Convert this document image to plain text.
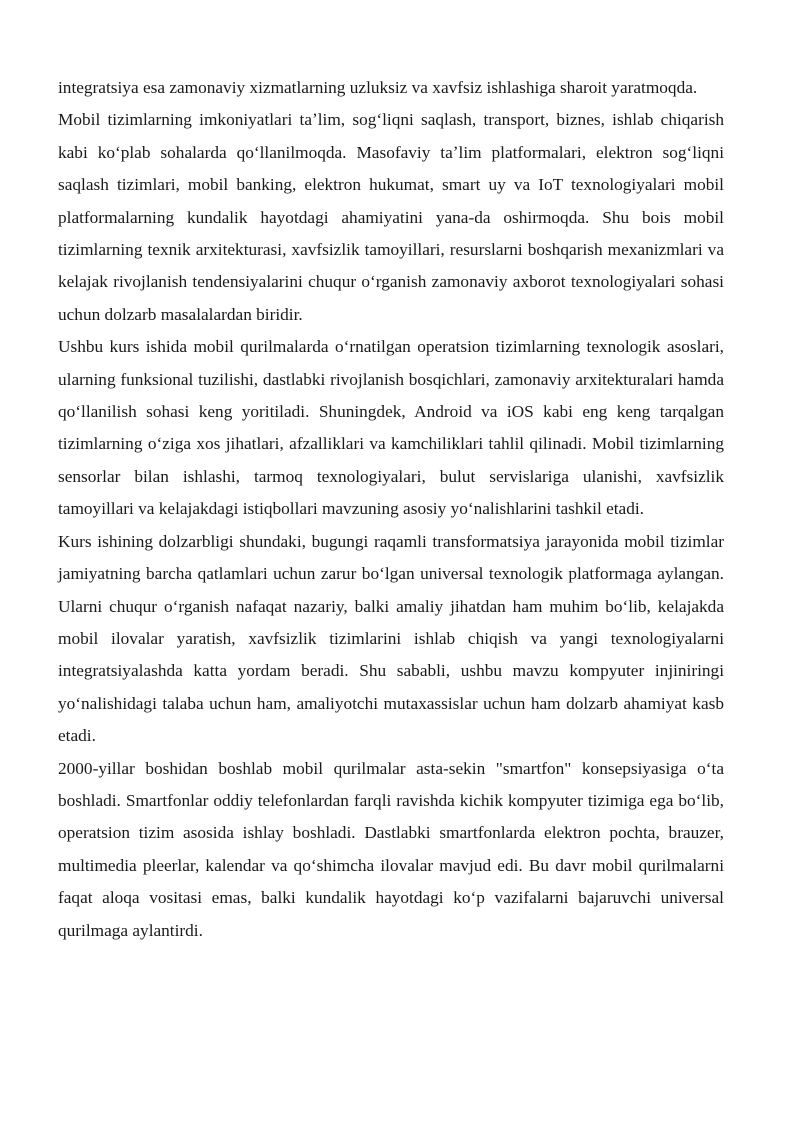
integratsiya esa zamonaviy xizmatlarning uzluksiz va xavfsiz ishlashiga sharoit yaratmoqda.

Mobil tizimlarning imkoniyatlari taʼlim, sogʻliqni saqlash, transport, biznes, ishlab chiqarish kabi koʻplab sohalarda qoʻllanilmoqda. Masofaviy taʼlim platformalari, elektron sogʻliqni saqlash tizimlari, mobil banking, elektron hukumat, smart uy va IoT texnologiyalari mobil platformalarning kundalik hayotdagi ahamiyatini yana-da oshirmoqda. Shu bois mobil tizimlarning texnik arxitekturasi, xavfsizlik tamoyillari, resurslarni boshqarish mexanizmlari va kelajak rivojlanish tendensiyalarini chuqur oʻrganish zamonaviy axborot texnologiyalari sohasi uchun dolzarb masalalardan biridir.

Ushbu kurs ishida mobil qurilmalarda oʻrnatilgan operatsion tizimlarning texnologik asoslari, ularning funksional tuzilishi, dastlabki rivojlanish bosqichlari, zamonaviy arxitekturalari hamda qoʻllanilish sohasi keng yoritiladi. Shuningdek, Android va iOS kabi eng keng tarqalgan tizimlarning oʻziga xos jihatlari, afzalliklari va kamchiliklari tahlil qilinadi. Mobil tizimlarning sensorlar bilan ishlashi, tarmoq texnologiyalari, bulut servislariga ulanishi, xavfsizlik tamoyillari va kelajakdagi istiqbollari mavzuning asosiy yoʻnalishlarini tashkil etadi.

Kurs ishining dolzarbligi shundaki, bugungi raqamli transformatsiya jarayonida mobil tizimlar jamiyatning barcha qatlamlari uchun zarur boʻlgan universal texnologik platformaga aylangan. Ularni chuqur oʻrganish nafaqat nazariy, balki amaliy jihatdan ham muhim boʻlib, kelajakda mobil ilovalar yaratish, xavfsizlik tizimlarini ishlab chiqish va yangi texnologiyalarni integratsiyalashda katta yordam beradi. Shu sababli, ushbu mavzu kompyuter injiniringi yoʻnalishidagi talaba uchun ham, amaliyotchi mutaxassislar uchun ham dolzarb ahamiyat kasb etadi.

2000-yillar boshidan boshlab mobil qurilmalar asta-sekin "smartfon" konsepsiyasiga oʻta boshladi. Smartfonlar oddiy telefonlardan farqli ravishda kichik kompyuter tizimiga ega boʻlib, operatsion tizim asosida ishlay boshladi. Dastlabki smartfonlarda elektron pochta, brauzer, multimedia pleerlar, kalendar va qoʻshimcha ilovalar mavjud edi. Bu davr mobil qurilmalarni faqat aloqa vositasi emas, balki kundalik hayotdagi koʻp vazifalarni bajaruvchi universal qurilmaga aylantirdi.
